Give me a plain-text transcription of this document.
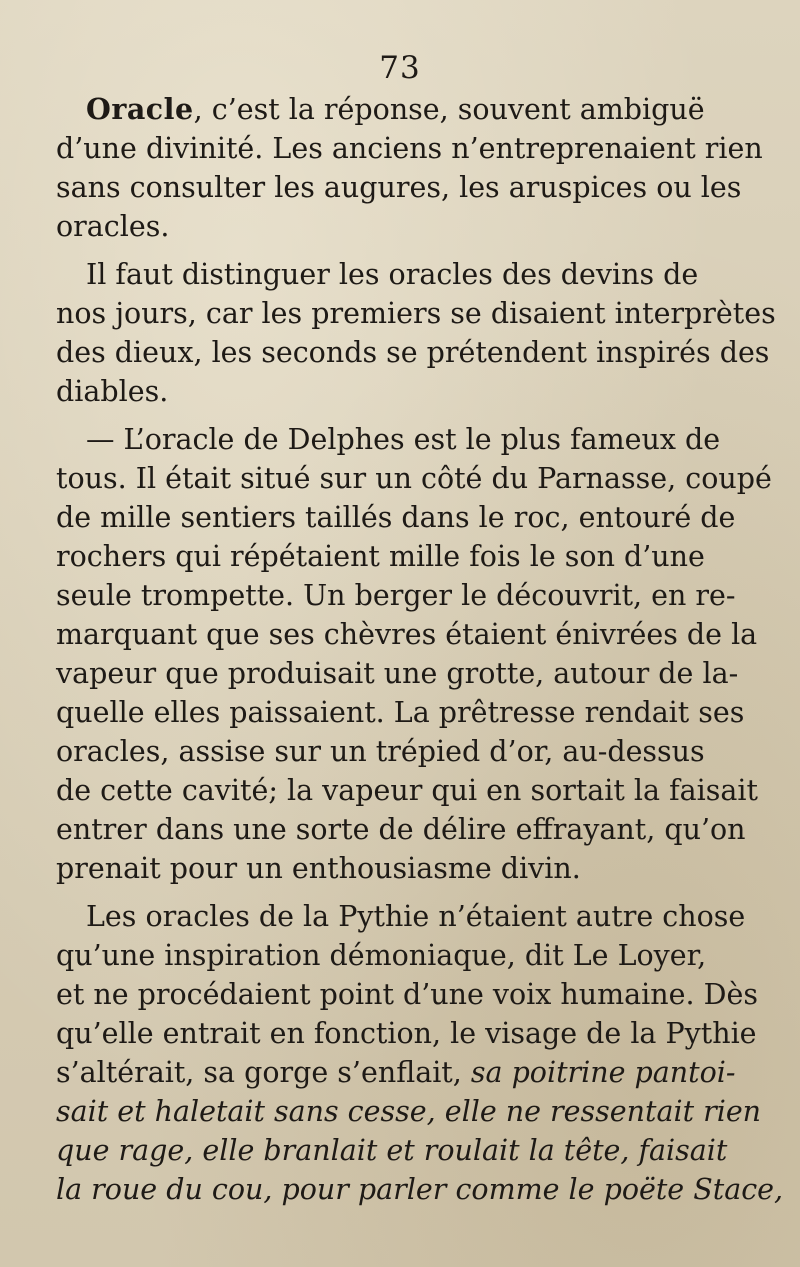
73
Oracle, c’est la réponse, souvent ambiguë
d’une divinité. Les anciens n’entreprenaient rien
sans consulter les augures, les aruspices ou les
oracles.
Il faut distinguer les oracles des devins de
nos jours, car les premiers se disaient interprètes
des dieux, les seconds se prétendent inspirés des
diables.
— L’oracle de Delphes est le plus fameux de
tous. Il était situé sur un côté du Parnasse, coupé
de mille sentiers taillés dans le roc, entouré de
rochers qui répétaient mille fois le son d’une
seule trompette. Un berger le découvrit, en re-
marquant que ses chèvres étaient énivrées de la
vapeur que produisait une grotte, autour de la-
quelle elles paissaient. La prêtresse rendait ses
oracles, assise sur un trépied d’or, au-dessus
de cette cavité; la vapeur qui en sortait la faisait
entrer dans une sorte de délire effrayant, qu’on
prenait pour un enthousiasme divin.
Les oracles de la Pythie n’étaient autre chose
qu’une inspiration démoniaque, dit Le Loyer,
et ne procédaient point d’une voix humaine. Dès
qu’elle entrait en fonction, le visage de la Pythie
s’altérait, sa gorge s’enflait, sa poitrine pantoi-
sait et haletait sans cesse, elle ne ressentait rien
que rage, elle branlait et roulait la tête, faisait
la roue du cou, pour parler comme le poëte Stace,
